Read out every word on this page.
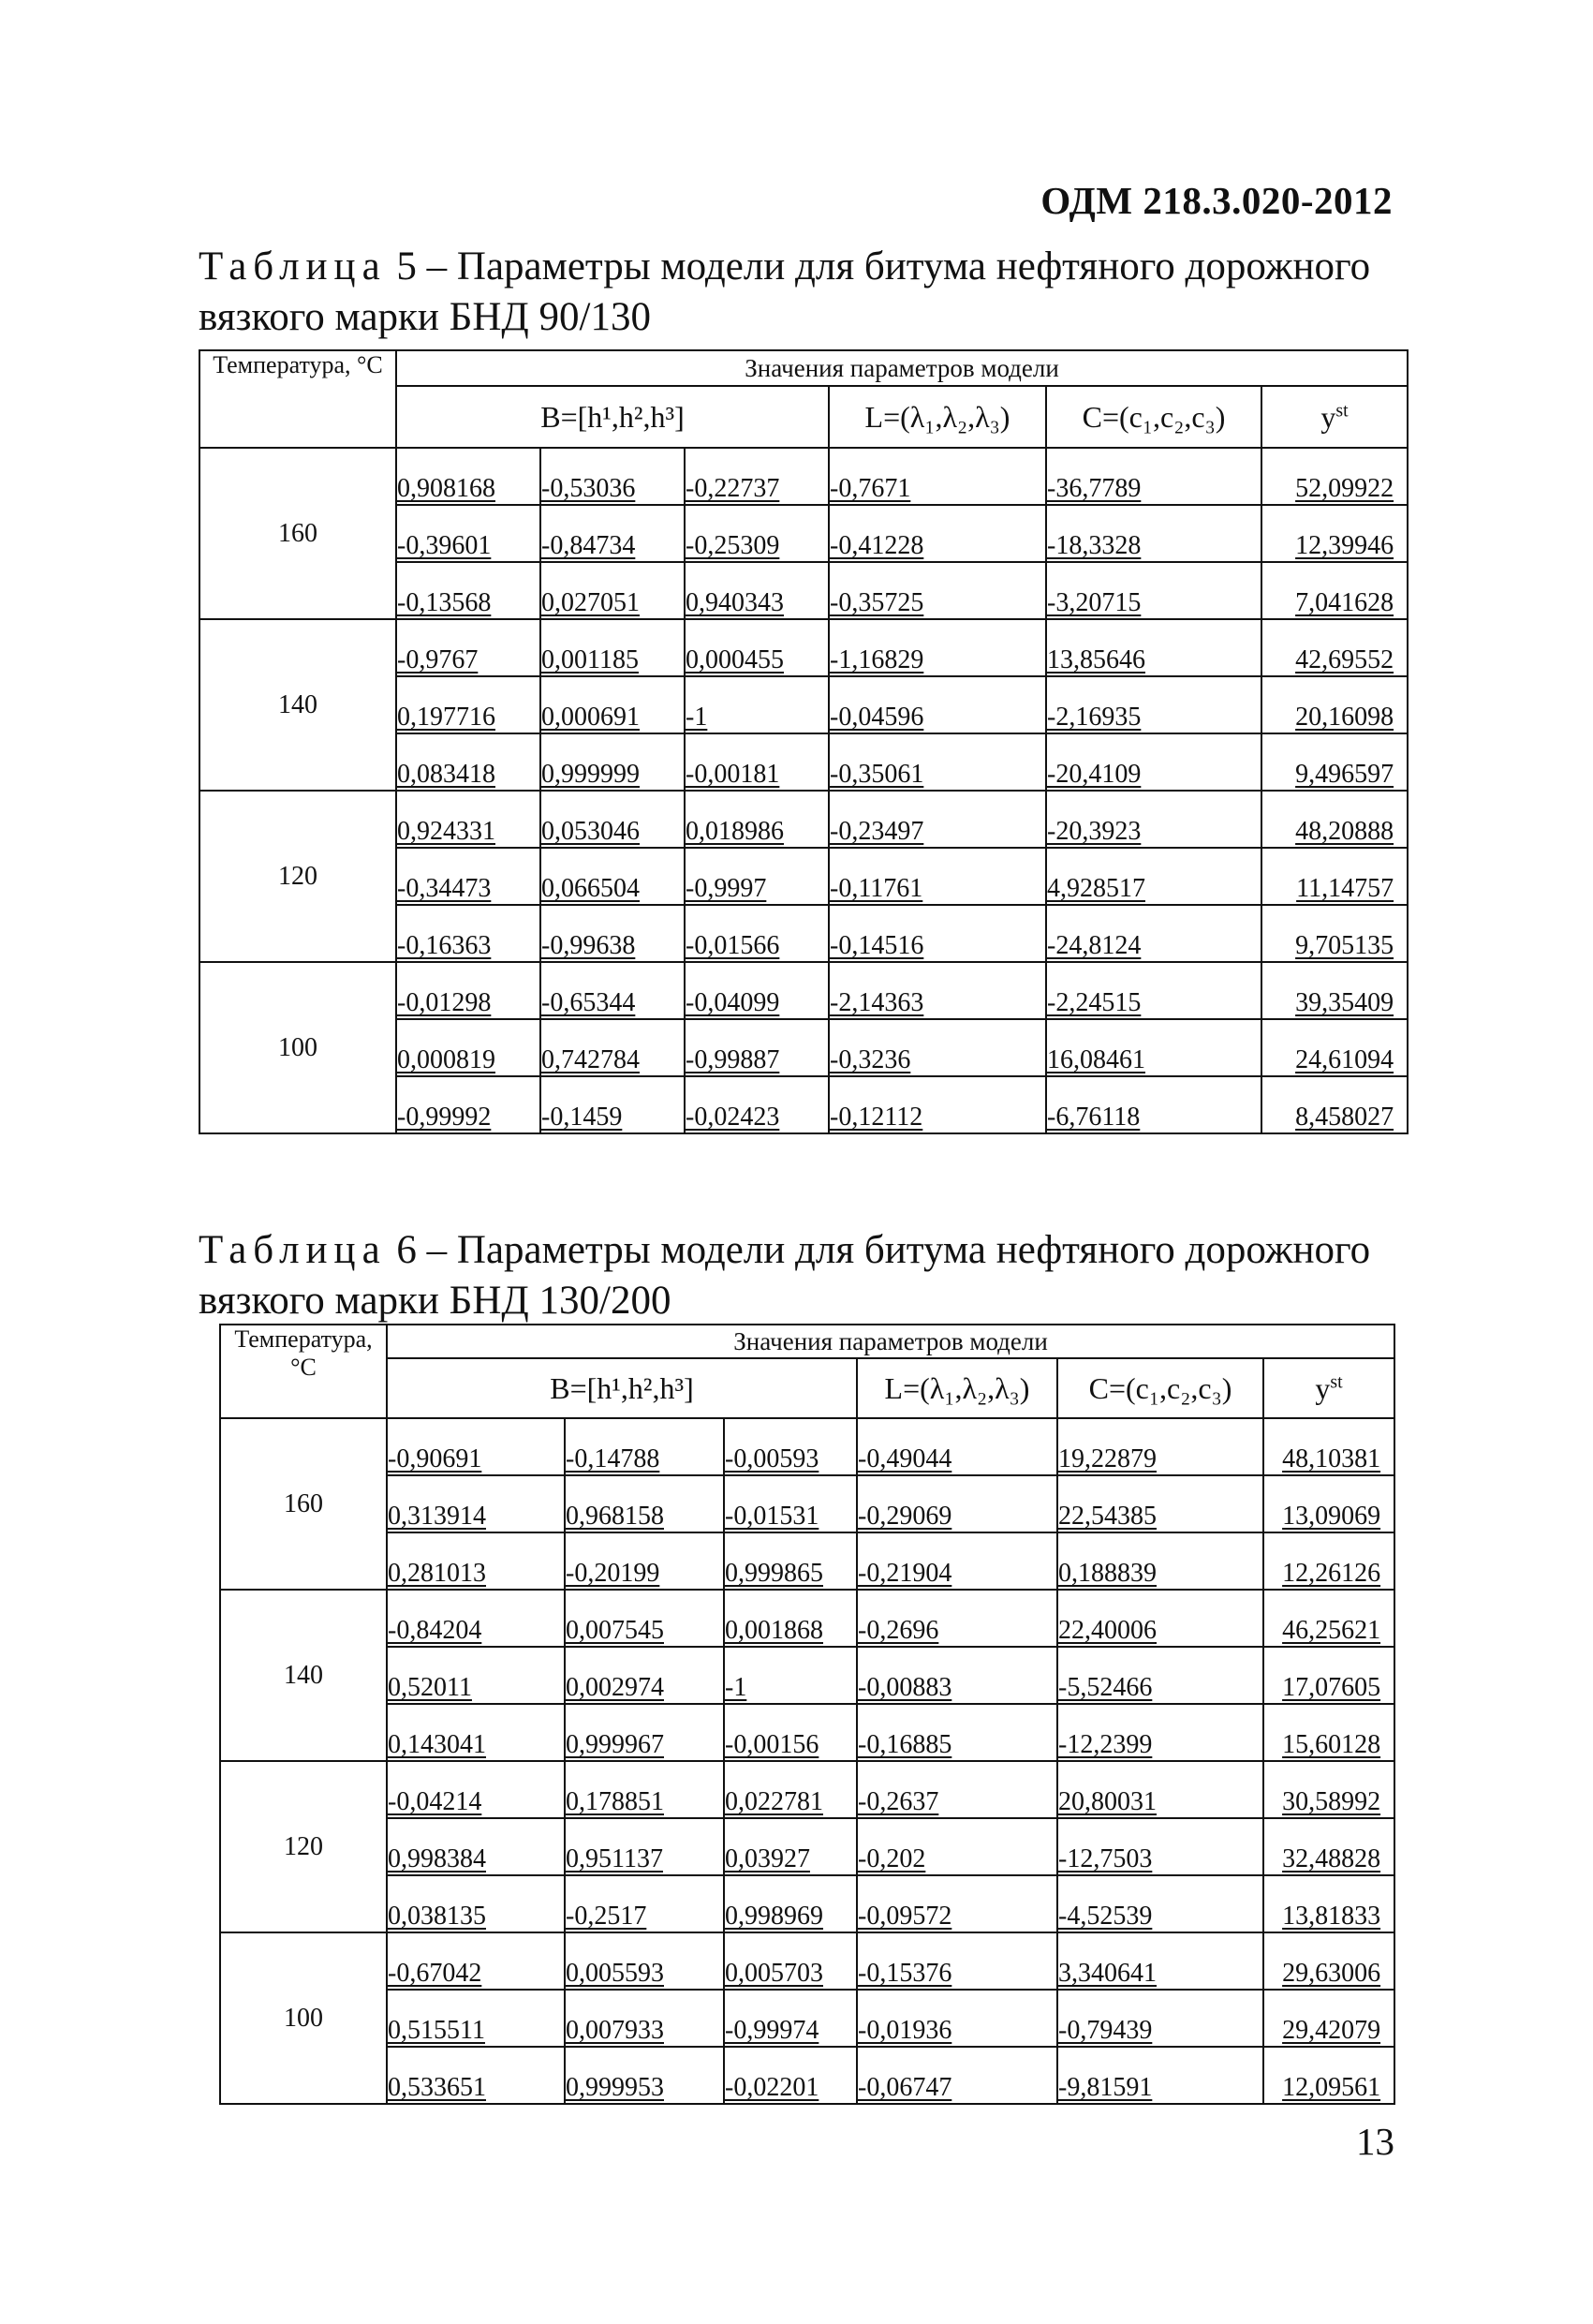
ОДМ 218.3.020-2012
Таблица 5 – Параметры модели для битума нефтяного дорожного вязкого марки БНД 90/130
Температура, °С	Значения параметров модели					
	B=[h¹,h²,h³]			L=(λ₁,λ₂,λ₃)	C=(c₁,c₂,c₃)	$y^{st}$
160	0,908168	-0,53036	-0,22737	-0,7671	-36,7789	52,09922
	-0,39601	-0,84734	-0,25309	-0,41228	-18,3328	12,39946
	-0,13568	0,027051	0,940343	-0,35725	-3,20715	7,041628
140	-0,9767	0,001185	0,000455	-1,16829	13,85646	42,69552
	0,197716	0,000691	-1	-0,04596	-2,16935	20,16098
	0,083418	0,999999	-0,00181	-0,35061	-20,4109	9,496597
120	0,924331	0,053046	0,018986	-0,23497	-20,3923	48,20888
	-0,34473	0,066504	-0,9997	-0,11761	4,928517	11,14757
	-0,16363	-0,99638	-0,01566	-0,14516	-24,8124	9,705135
100	-0,01298	-0,65344	-0,04099	-2,14363	-2,24515	39,35409
	0,000819	0,742784	-0,99887	-0,3236	16,08461	24,61094
	-0,99992	-0,1459	-0,02423	-0,12112	-6,76118	8,458027
Таблица 6 – Параметры модели для битума нефтяного дорожного вязкого марки БНД 130/200
Температура, °С	Значения параметров модели					
	B=[h¹,h²,h³]			L=(λ₁,λ₂,λ₃)	C=(c₁,c₂,c₃)	$y^{st}$
160	-0,90691	-0,14788	-0,00593	-0,49044	19,22879	48,10381
	0,313914	0,968158	-0,01531	-0,29069	22,54385	13,09069
	0,281013	-0,20199	0,999865	-0,21904	0,188839	12,26126
140	-0,84204	0,007545	0,001868	-0,2696	22,40006	46,25621
	0,52011	0,002974	-1	-0,00883	-5,52466	17,07605
	0,143041	0,999967	-0,00156	-0,16885	-12,2399	15,60128
120	-0,04214	0,178851	0,022781	-0,2637	20,80031	30,58992
	0,998384	0,951137	0,03927	-0,202	-12,7503	32,48828
	0,038135	-0,2517	0,998969	-0,09572	-4,52539	13,81833
100	-0,67042	0,005593	0,005703	-0,15376	3,340641	29,63006
	0,515511	0,007933	-0,99974	-0,01936	-0,79439	29,42079
	0,533651	0,999953	-0,02201	-0,06747	-9,81591	12,09561
13
